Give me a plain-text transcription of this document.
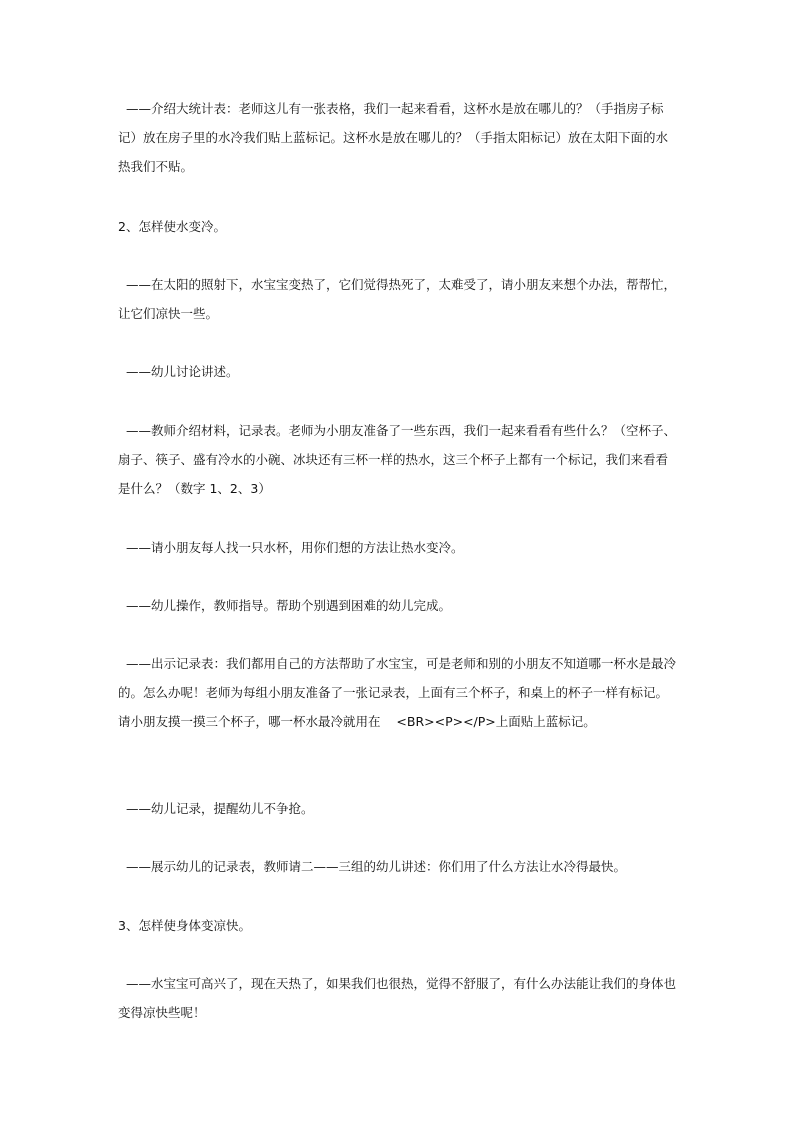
——介绍大统计表：老师这儿有一张表格，我们一起来看看，这杯水是放在哪儿的？（手指房子标记）放在房子里的水冷我们贴上蓝标记。这杯水是放在哪儿的？（手指太阳标记）放在太阳下面的水热我们不贴。

2、怎样使水变冷。

——在太阳的照射下，水宝宝变热了，它们觉得热死了，太难受了，请小朋友来想个办法，帮帮忙，让它们凉快一些。

——幼儿讨论讲述。

——教师介绍材料，记录表。老师为小朋友准备了一些东西，我们一起来看看有些什么？（空杯子、扇子、筷子、盛有冷水的小碗、冰块还有三杯一样的热水，这三个杯子上都有一个标记，我们来看看是什么？（数字 1、2、3）

——请小朋友每人找一只水杯，用你们想的方法让热水变冷。

——幼儿操作，教师指导。帮助个别遇到困难的幼儿完成。

——出示记录表：我们都用自己的方法帮助了水宝宝，可是老师和别的小朋友不知道哪一杯水是最冷的。怎么办呢！老师为每组小朋友准备了一张记录表，上面有三个杯子，和桌上的杯子一样有标记。请小朋友摸一摸三个杯子，哪一杯水最冷就用在    <BR><P></P>上面贴上蓝标记。

——幼儿记录，提醒幼儿不争抢。

——展示幼儿的记录表，教师请二——三组的幼儿讲述：你们用了什么方法让水冷得最快。

3、怎样使身体变凉快。

——水宝宝可高兴了，现在天热了，如果我们也很热，觉得不舒服了，有什么办法能让我们的身体也变得凉快些呢！
